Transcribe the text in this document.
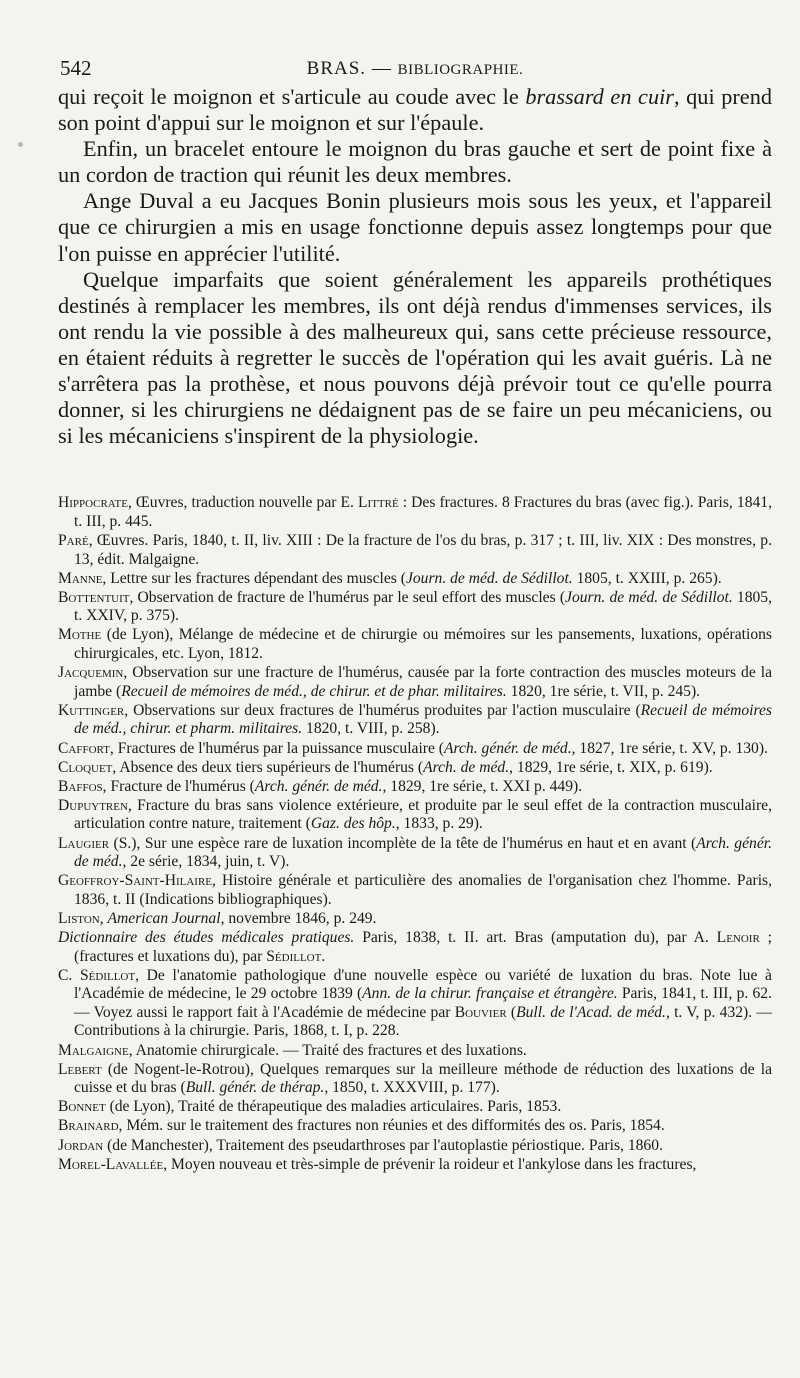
542	BRAS. — BIBLIOGRAPHIE.

qui reçoit le moignon et s'articule au coude avec le brassard en cuir, qui prend son point d'appui sur le moignon et sur l'épaule.

Enfin, un bracelet entoure le moignon du bras gauche et sert de point fixe à un cordon de traction qui réunit les deux membres.

Ange Duval a eu Jacques Bonin plusieurs mois sous les yeux, et l'appareil que ce chirurgien a mis en usage fonctionne depuis assez longtemps pour que l'on puisse en apprécier l'utilité.

Quelque imparfaits que soient généralement les appareils prothétiques destinés à remplacer les membres, ils ont déjà rendus d'immenses services, ils ont rendu la vie possible à des malheureux qui, sans cette précieuse ressource, en étaient réduits à regretter le succès de l'opération qui les avait guéris. Là ne s'arrêtera pas la prothèse, et nous pouvons déjà prévoir tout ce qu'elle pourra donner, si les chirurgiens ne dédaignent pas de se faire un peu mécaniciens, ou si les mécaniciens s'inspirent de la physiologie.

Hippocrate, Œuvres, traduction nouvelle par E. Littré : Des fractures. 8 Fractures du bras (avec fig.). Paris, 1841, t. III, p. 445.

Paré, Œuvres. Paris, 1840, t. II, liv. XIII : De la fracture de l'os du bras, p. 317 ; t. III, liv. XIX : Des monstres, p. 13, édit. Malgaigne.

Manne, Lettre sur les fractures dépendant des muscles (Journ. de méd. de Sédillot. 1805, t. XXIII, p. 265).

Bottentuit, Observation de fracture de l'humérus par le seul effort des muscles (Journ. de méd. de Sédillot. 1805, t. XXIV, p. 375).

Mothe (de Lyon), Mélange de médecine et de chirurgie ou mémoires sur les pansements, luxations, opérations chirurgicales, etc. Lyon, 1812.

Jacquemin, Observation sur une fracture de l'humérus, causée par la forte contraction des muscles moteurs de la jambe (Recueil de mémoires de méd., de chirur. et de phar. militaires. 1820, 1re série, t. VII, p. 245).

Kuttinger, Observations sur deux fractures de l'humérus produites par l'action musculaire (Recueil de mémoires de méd., chirur. et pharm. militaires. 1820, t. VIII, p. 258).

Caffort, Fractures de l'humérus par la puissance musculaire (Arch. génér. de méd., 1827, 1re série, t. XV, p. 130).

Cloquet, Absence des deux tiers supérieurs de l'humérus (Arch. de méd., 1829, 1re série, t. XIX, p. 619).

Baffos, Fracture de l'humérus (Arch. génér. de méd., 1829, 1re série, t. XXI p. 449).

Dupuytren, Fracture du bras sans violence extérieure, et produite par le seul effet de la contraction musculaire, articulation contre nature, traitement (Gaz. des hôp., 1833, p. 29).

Laugier (S.), Sur une espèce rare de luxation incomplète de la tête de l'humérus en haut et en avant (Arch. génér. de méd., 2e série, 1834, juin, t. V).

Geoffroy-Saint-Hilaire, Histoire générale et particulière des anomalies de l'organisation chez l'homme. Paris, 1836, t. II (Indications bibliographiques).

Liston, American Journal, novembre 1846, p. 249.

Dictionnaire des études médicales pratiques. Paris, 1838, t. II. art. Bras (amputation du), par A. Lenoir ; (fractures et luxations du), par Sédillot.

C. Sédillot, De l'anatomie pathologique d'une nouvelle espèce ou variété de luxation du bras. Note lue à l'Académie de médecine, le 29 octobre 1839 (Ann. de la chirur. française et étrangère. Paris, 1841, t. III, p. 62. — Voyez aussi le rapport fait à l'Académie de médecine par Bouvier (Bull. de l'Acad. de méd., t. V, p. 432). — Contributions à la chirurgie. Paris, 1868, t. I, p. 228.

Malgaigne, Anatomie chirurgicale. — Traité des fractures et des luxations.

Lebert (de Nogent-le-Rotrou), Quelques remarques sur la meilleure méthode de réduction des luxations de la cuisse et du bras (Bull. génér. de thérap., 1850, t. XXXVIII, p. 177).

Bonnet (de Lyon), Traité de thérapeutique des maladies articulaires. Paris, 1853.

Brainard, Mém. sur le traitement des fractures non réunies et des difformités des os. Paris, 1854.

Jordan (de Manchester), Traitement des pseudarthroses par l'autoplastie périostique. Paris, 1860.

Morel-Lavallée, Moyen nouveau et très-simple de prévenir la roideur et l'ankylose dans les fractures,
